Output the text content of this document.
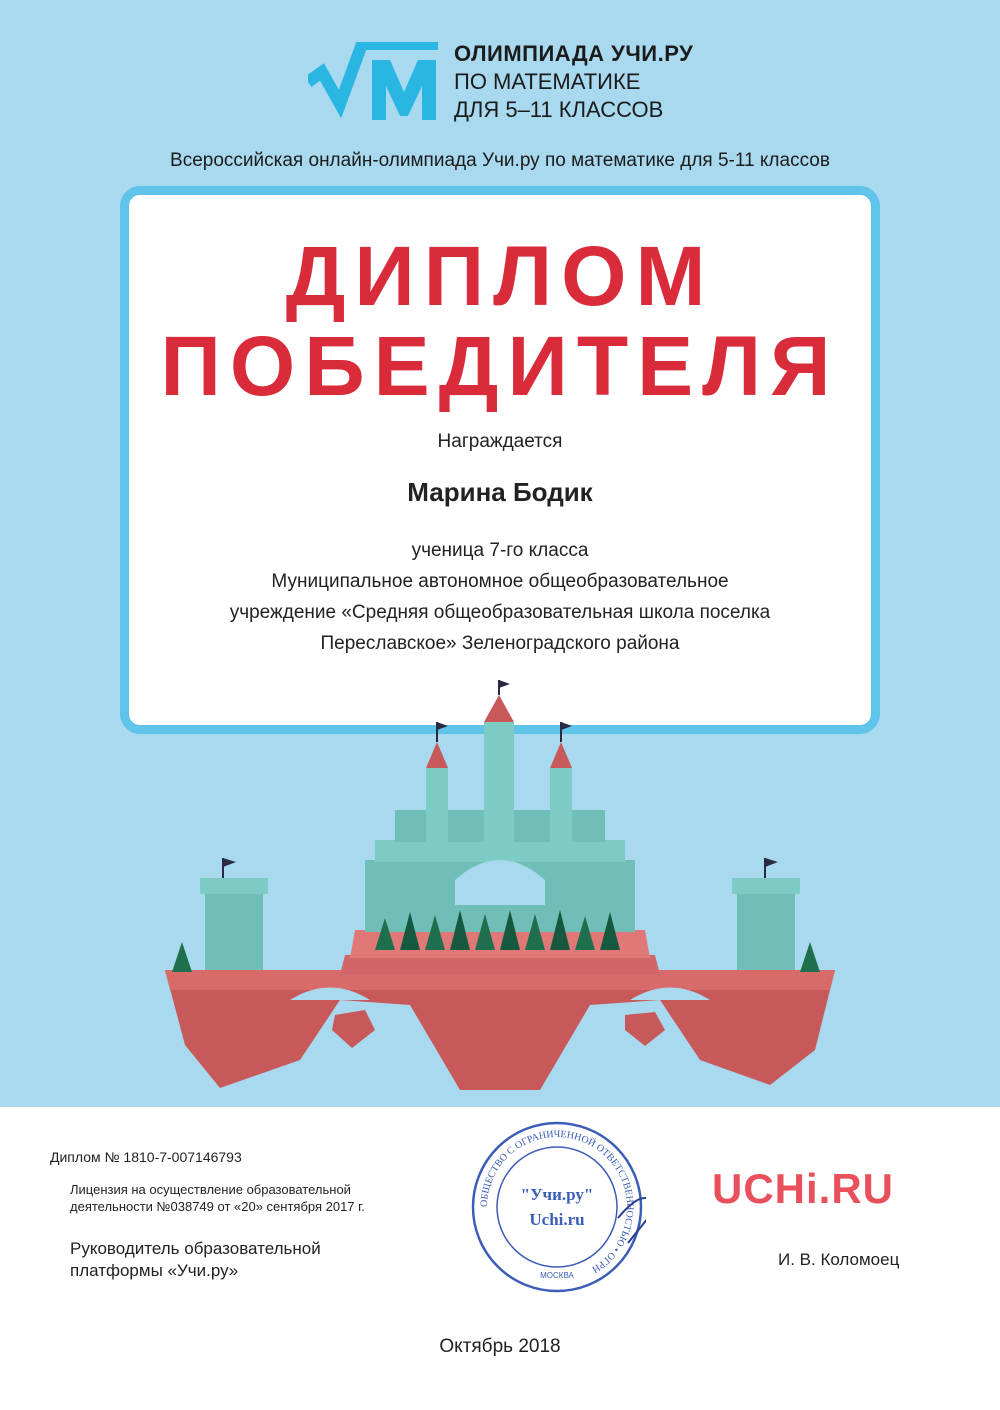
ОЛИМПИАДА УЧИ.РУ
ПО МАТЕМАТИКЕ
ДЛЯ 5–11 КЛАССОВ
Всероссийская онлайн-олимпиада Учи.ру по математике для 5-11 классов
ДИПЛОМ
ПОБЕДИТЕЛЯ
Награждается
Марина Бодик
ученица 7-го класса
Муниципальное автономное общеобразовательное
учреждение «Средняя общеобразовательная школа поселка
Переславское» Зеленоградского района
Диплом № 1810-7-007146793
Лицензия на осуществление образовательной
деятельности №038749 от «20» сентября 2017 г.
Руководитель образовательной
платформы «Учи.ру»
ОБЩЕСТВО С ОГРАНИЧЕННОЙ ОТВЕТСТВЕННОСТЬЮ • ОГРН
"Учи.ру"
Uchi.ru
МОСКВА
UCHi.RU
И. В. Коломоец
Октябрь 2018
